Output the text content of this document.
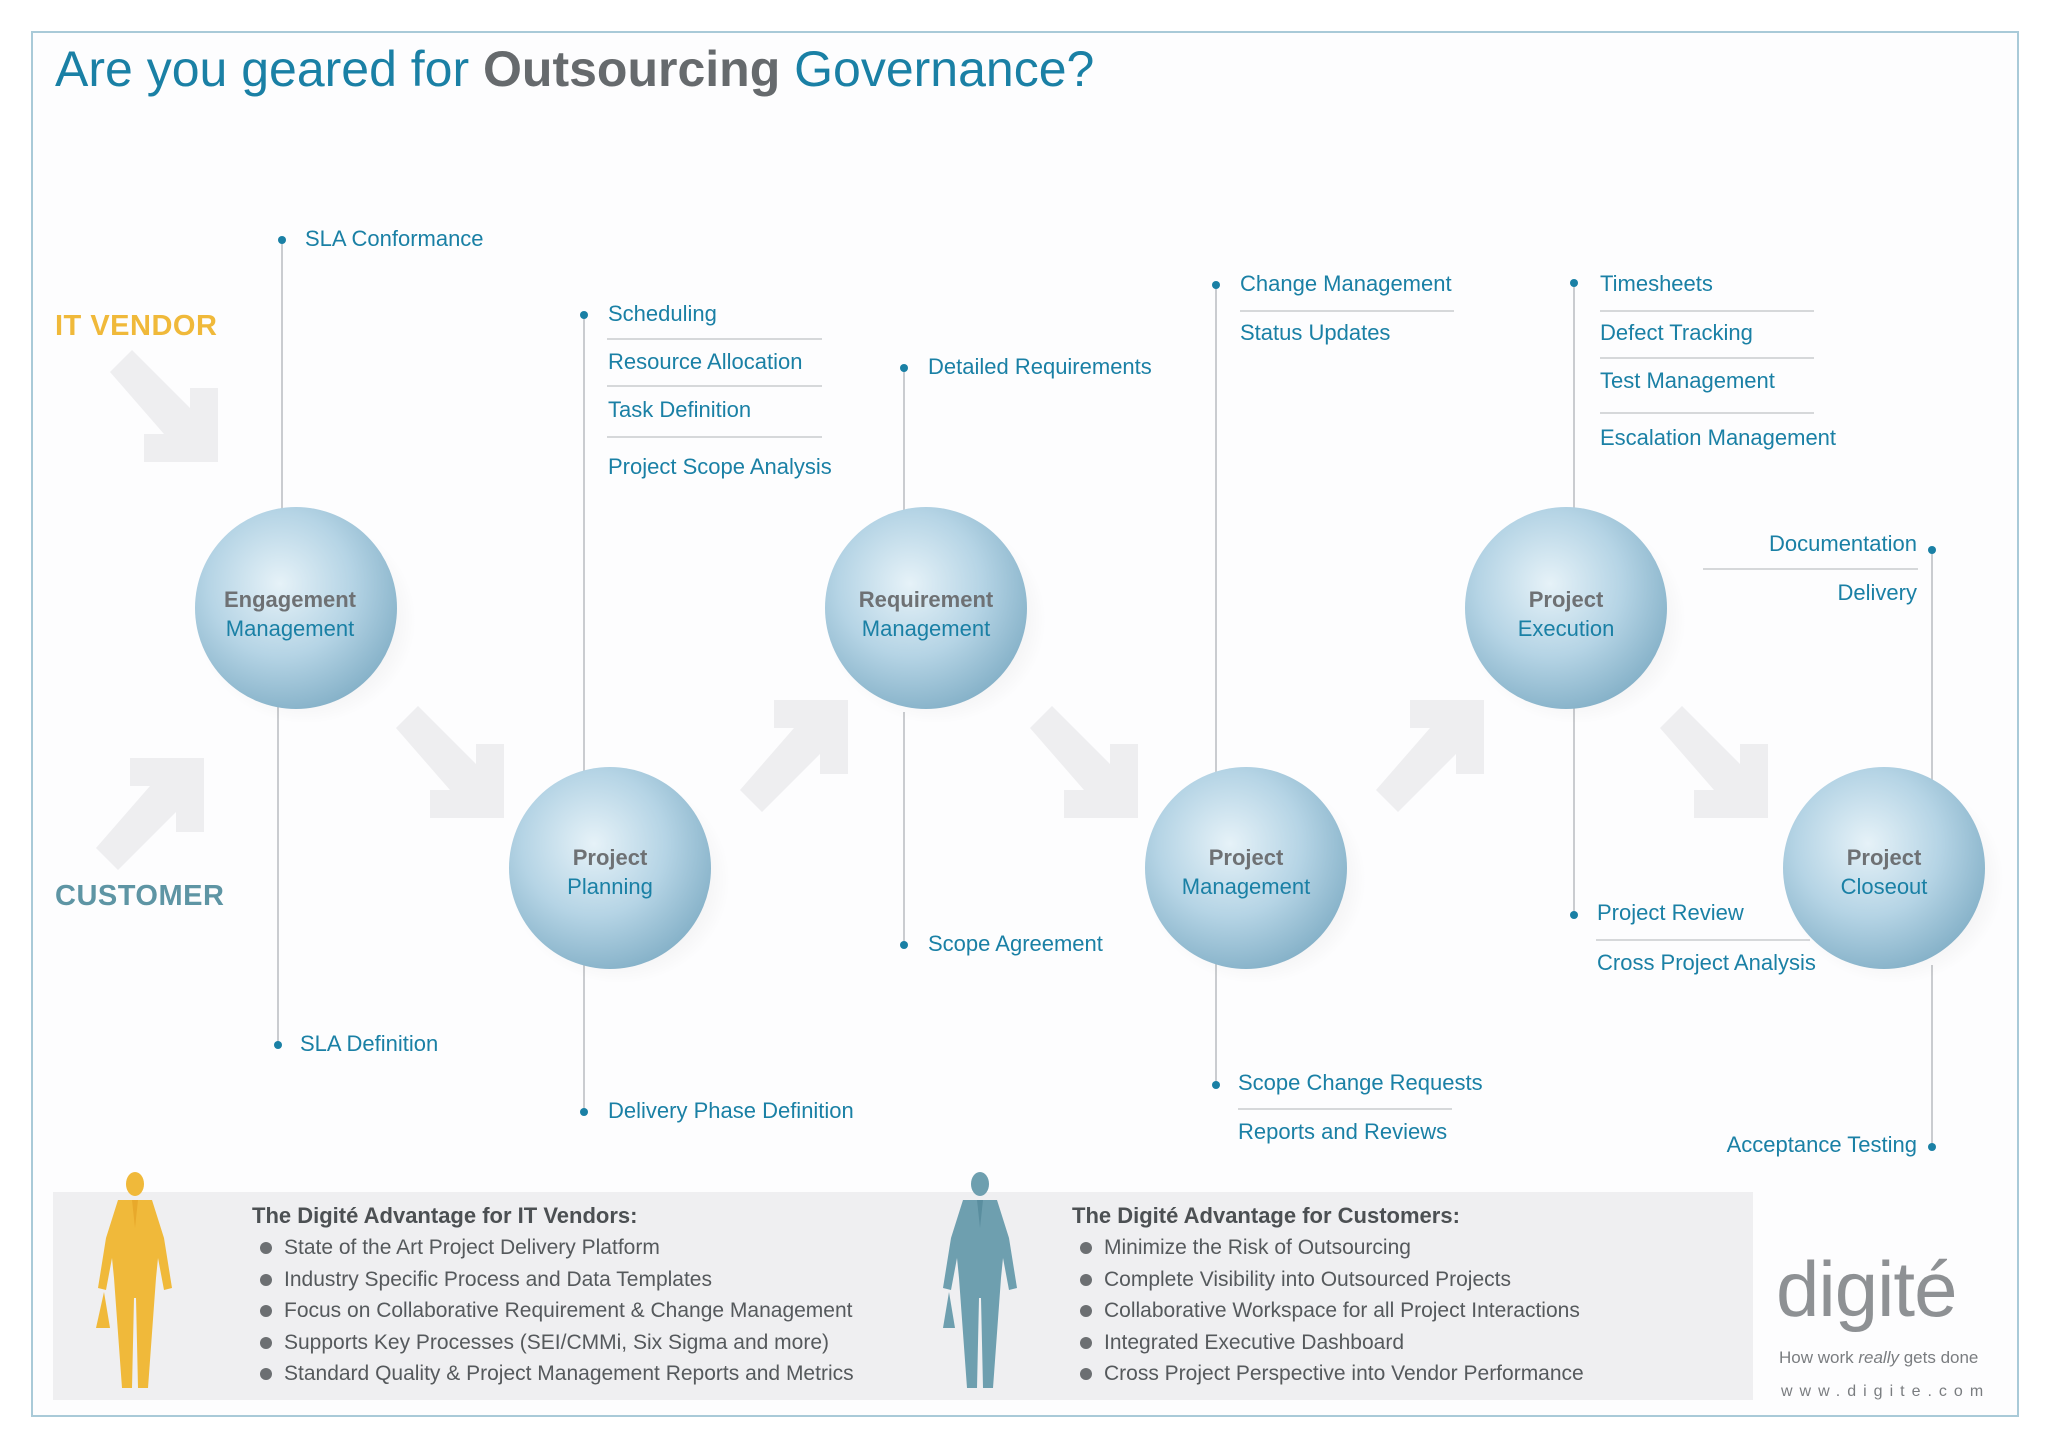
Are you geared for Outsourcing Governance?
IT VENDOR
CUSTOMER
Engagement
Management
Project
Planning
Requirement
Management
Project
Management
Project
Execution
Project
Closeout
SLA Conformance
SLA Definition
Scheduling
Resource Allocation
Task Definition
Project Scope Analysis
Delivery Phase Definition
Detailed Requirements
Scope Agreement
Change Management
Status Updates
Scope Change Requests
Reports and Reviews
Timesheets
Defect Tracking
Test Management
Escalation Management
Project Review
Cross Project Analysis
Documentation
Delivery
Acceptance Testing
The Digité Advantage for IT Vendors:
State of the Art Project Delivery Platform
Industry Specific Process and Data Templates
Focus on Collaborative Requirement & Change Management
Supports Key Processes (SEI/CMMi, Six Sigma and more)
Standard Quality & Project Management Reports and Metrics
The Digité Advantage for Customers:
Minimize the Risk of Outsourcing
Complete Visibility into Outsourced Projects
Collaborative Workspace for all Project Interactions
Integrated Executive Dashboard
Cross Project Perspective into Vendor Performance
digité
How work really gets done
www.digite.com
